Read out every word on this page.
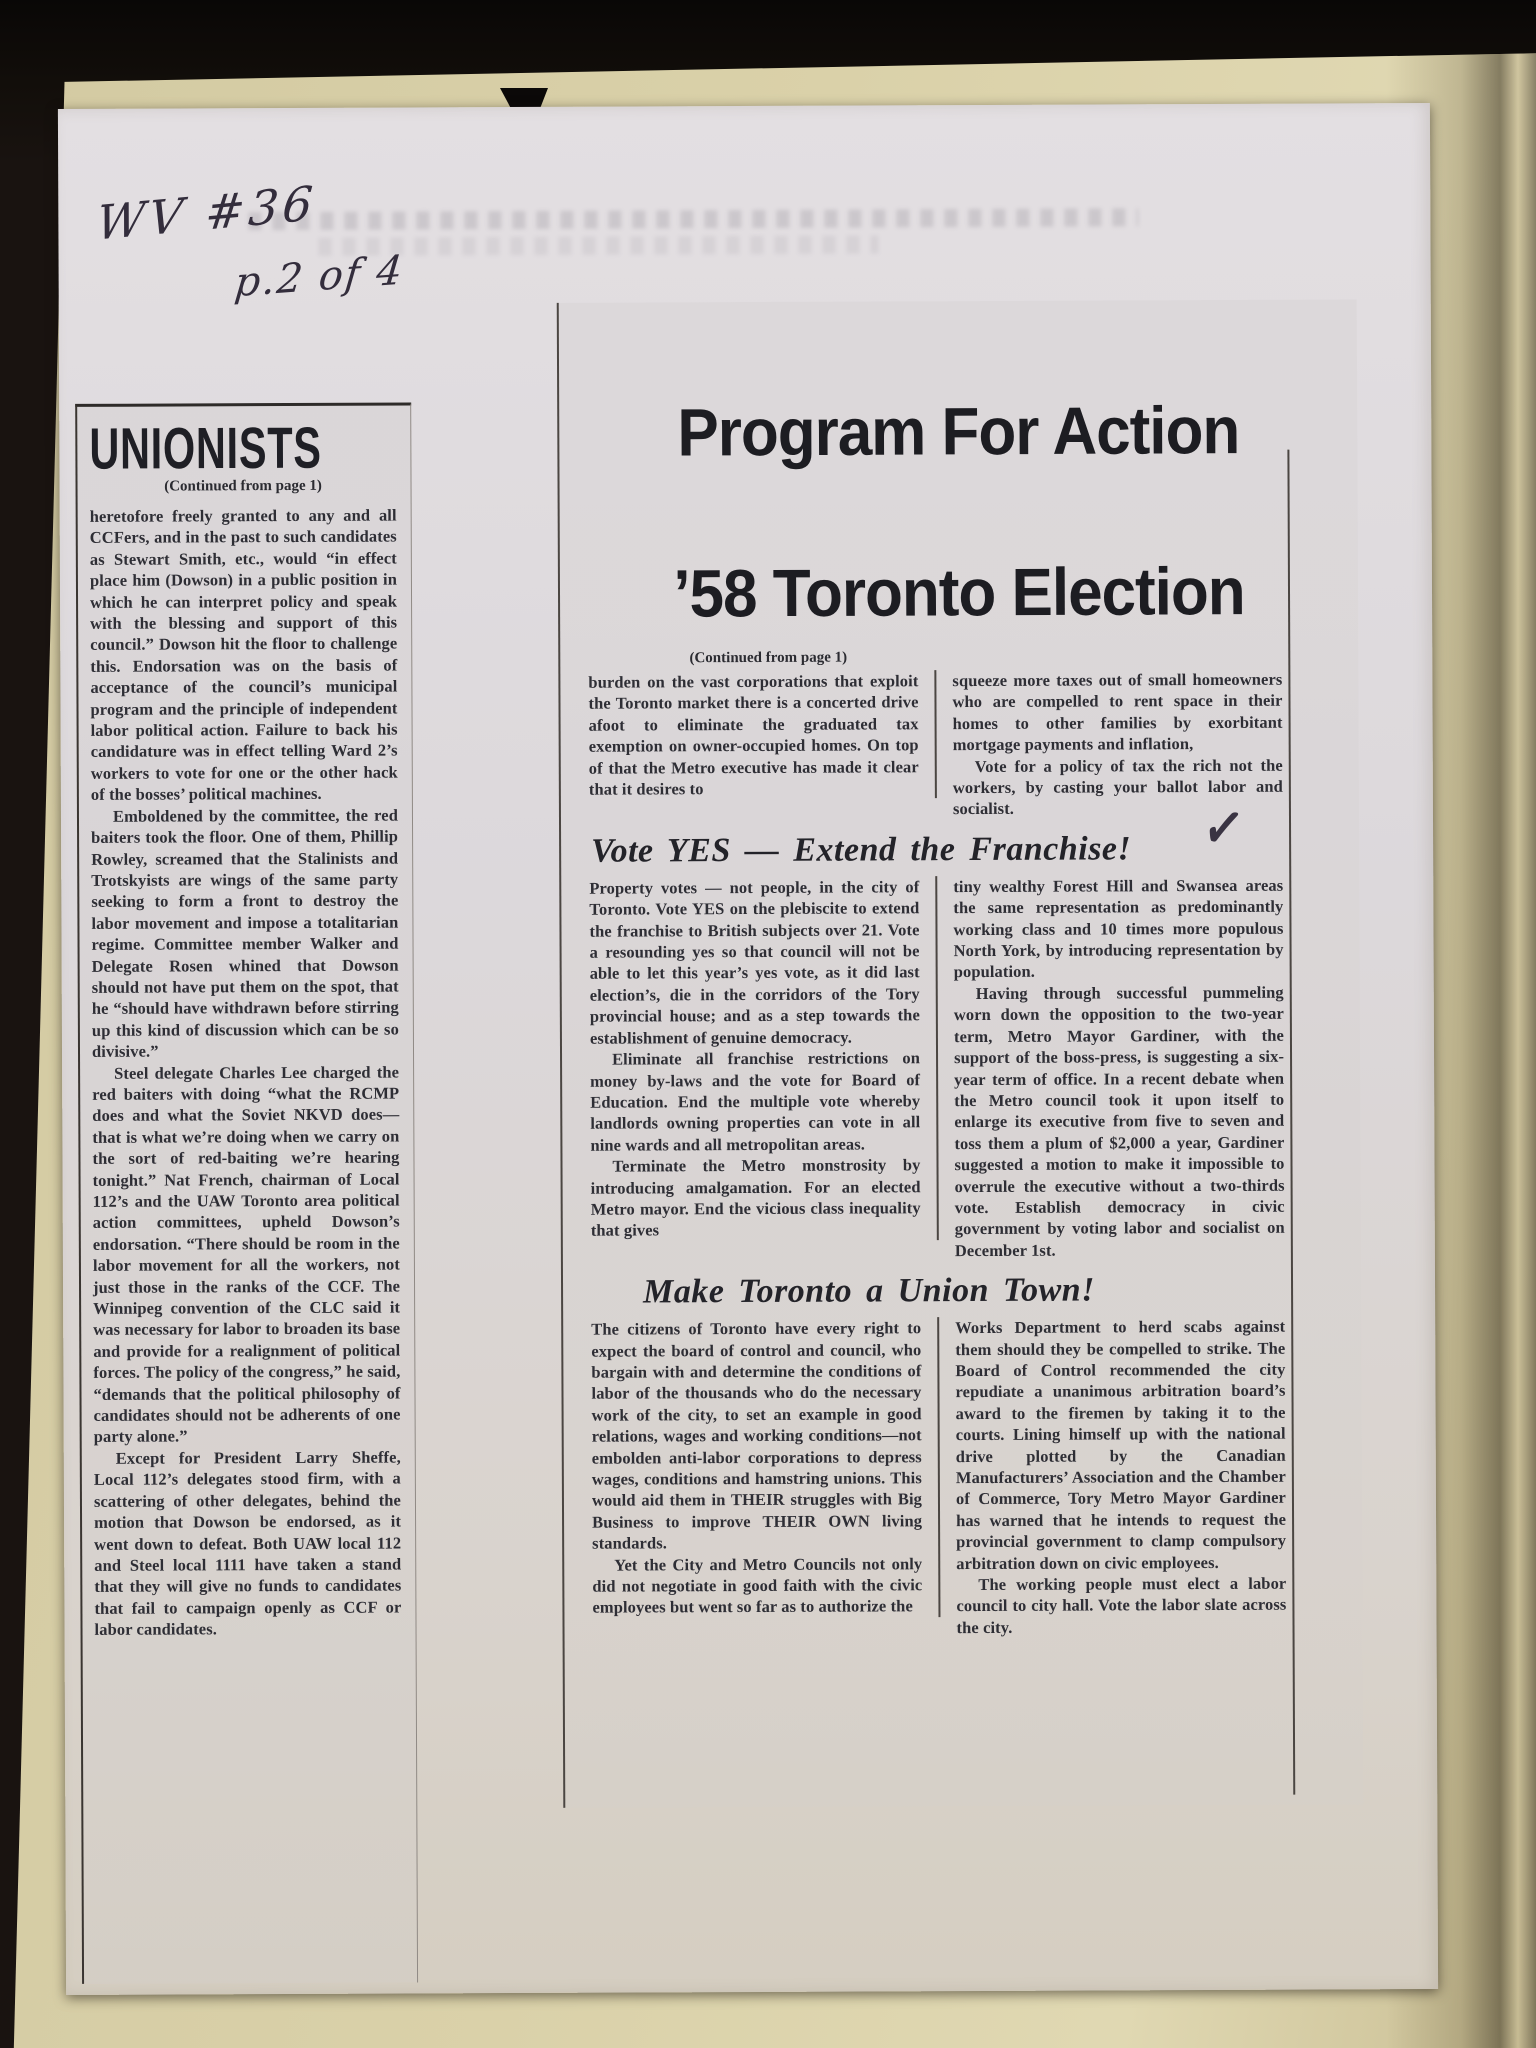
WV #36
p.2 of 4
UNIONISTS
(Continued from page 1)

heretofore freely granted to any and all CCFers, and in the past to such candidates as Stewart Smith, etc., would “in effect place him (Dowson) in a public position in which he can interpret policy and speak with the blessing and support of this council.” Dowson hit the floor to challenge this. Endorsation was on the basis of acceptance of the council’s municipal program and the principle of independent labor political action. Failure to back his candidature was in effect telling Ward 2’s workers to vote for one or the other hack of the bosses’ political machines.

Emboldened by the committee, the red baiters took the floor. One of them, Phillip Rowley, screamed that the Stalinists and Trotskyists are wings of the same party seeking to form a front to destroy the labor movement and impose a totalitarian regime. Committee member Walker and Delegate Rosen whined that Dowson should not have put them on the spot, that he “should have withdrawn before stirring up this kind of discussion which can be so divisive.”

Steel delegate Charles Lee charged the red baiters with doing “what the RCMP does and what the Soviet NKVD does—that is what we’re doing when we carry on the sort of red-baiting we’re hearing tonight.” Nat French, chairman of Local 112’s and the UAW Toronto area political action committees, upheld Dowson’s endorsation. “There should be room in the labor movement for all the workers, not just those in the ranks of the CCF. The Winnipeg convention of the CLC said it was necessary for labor to broaden its base and provide for a realignment of political forces. The policy of the congress,” he said, “demands that the political philosophy of candidates should not be adherents of one party alone.”

Except for President Larry Sheffe, Local 112’s delegates stood firm, with a scattering of other delegates, behind the motion that Dowson be endorsed, as it went down to defeat. Both UAW local 112 and Steel local 1111 have taken a stand that they will give no funds to candidates that fail to campaign openly as CCF or labor candidates.

Program For Action
’58 Toronto Election
(Continued from page 1)

burden on the vast corporations that exploit the Toronto market there is a concerted drive afoot to eliminate the graduated tax exemption on owner-occupied homes. On top of that the Metro executive has made it clear that it desires to

squeeze more taxes out of small homeowners who are compelled to rent space in their homes to other families by exorbitant mortgage payments and inflation,

Vote for a policy of tax the rich not the workers, by casting your ballot labor and socialist.

Vote YES — Extend the Franchise! ✓

Property votes — not people, in the city of Toronto. Vote YES on the plebiscite to extend the franchise to British subjects over 21. Vote a resounding yes so that council will not be able to let this year’s yes vote, as it did last election’s, die in the corridors of the Tory provincial house; and as a step towards the establishment of genuine democracy.

Eliminate all franchise restrictions on money by-laws and the vote for Board of Education. End the multiple vote whereby landlords owning properties can vote in all nine wards and all metropolitan areas.

Terminate the Metro monstrosity by introducing amalgamation. For an elected Metro mayor. End the vicious class inequality that gives

tiny wealthy Forest Hill and Swansea areas the same representation as predominantly working class and 10 times more populous North York, by introducing representation by population.

Having through successful pummeling worn down the opposition to the two-year term, Metro Mayor Gardiner, with the support of the boss-press, is suggesting a six-year term of office. In a recent debate when the Metro council took it upon itself to enlarge its executive from five to seven and toss them a plum of $2,000 a year, Gardiner suggested a motion to make it impossible to overrule the executive without a two-thirds vote. Establish democracy in civic government by voting labor and socialist on December 1st.

Make Toronto a Union Town!

The citizens of Toronto have every right to expect the board of control and council, who bargain with and determine the conditions of labor of the thousands who do the necessary work of the city, to set an example in good relations, wages and working conditions—not embolden anti-labor corporations to depress wages, conditions and hamstring unions. This would aid them in THEIR struggles with Big Business to improve THEIR OWN living standards.

Yet the City and Metro Councils not only did not negotiate in good faith with the civic employees but went so far as to authorize the

Works Department to herd scabs against them should they be compelled to strike. The Board of Control recommended the city repudiate a unanimous arbitration board’s award to the firemen by taking it to the courts. Lining himself up with the national drive plotted by the Canadian Manufacturers’ Association and the Chamber of Commerce, Tory Metro Mayor Gardiner has warned that he intends to request the provincial government to clamp compulsory arbitration down on civic employees.

The working people must elect a labor council to city hall. Vote the labor slate across the city.
